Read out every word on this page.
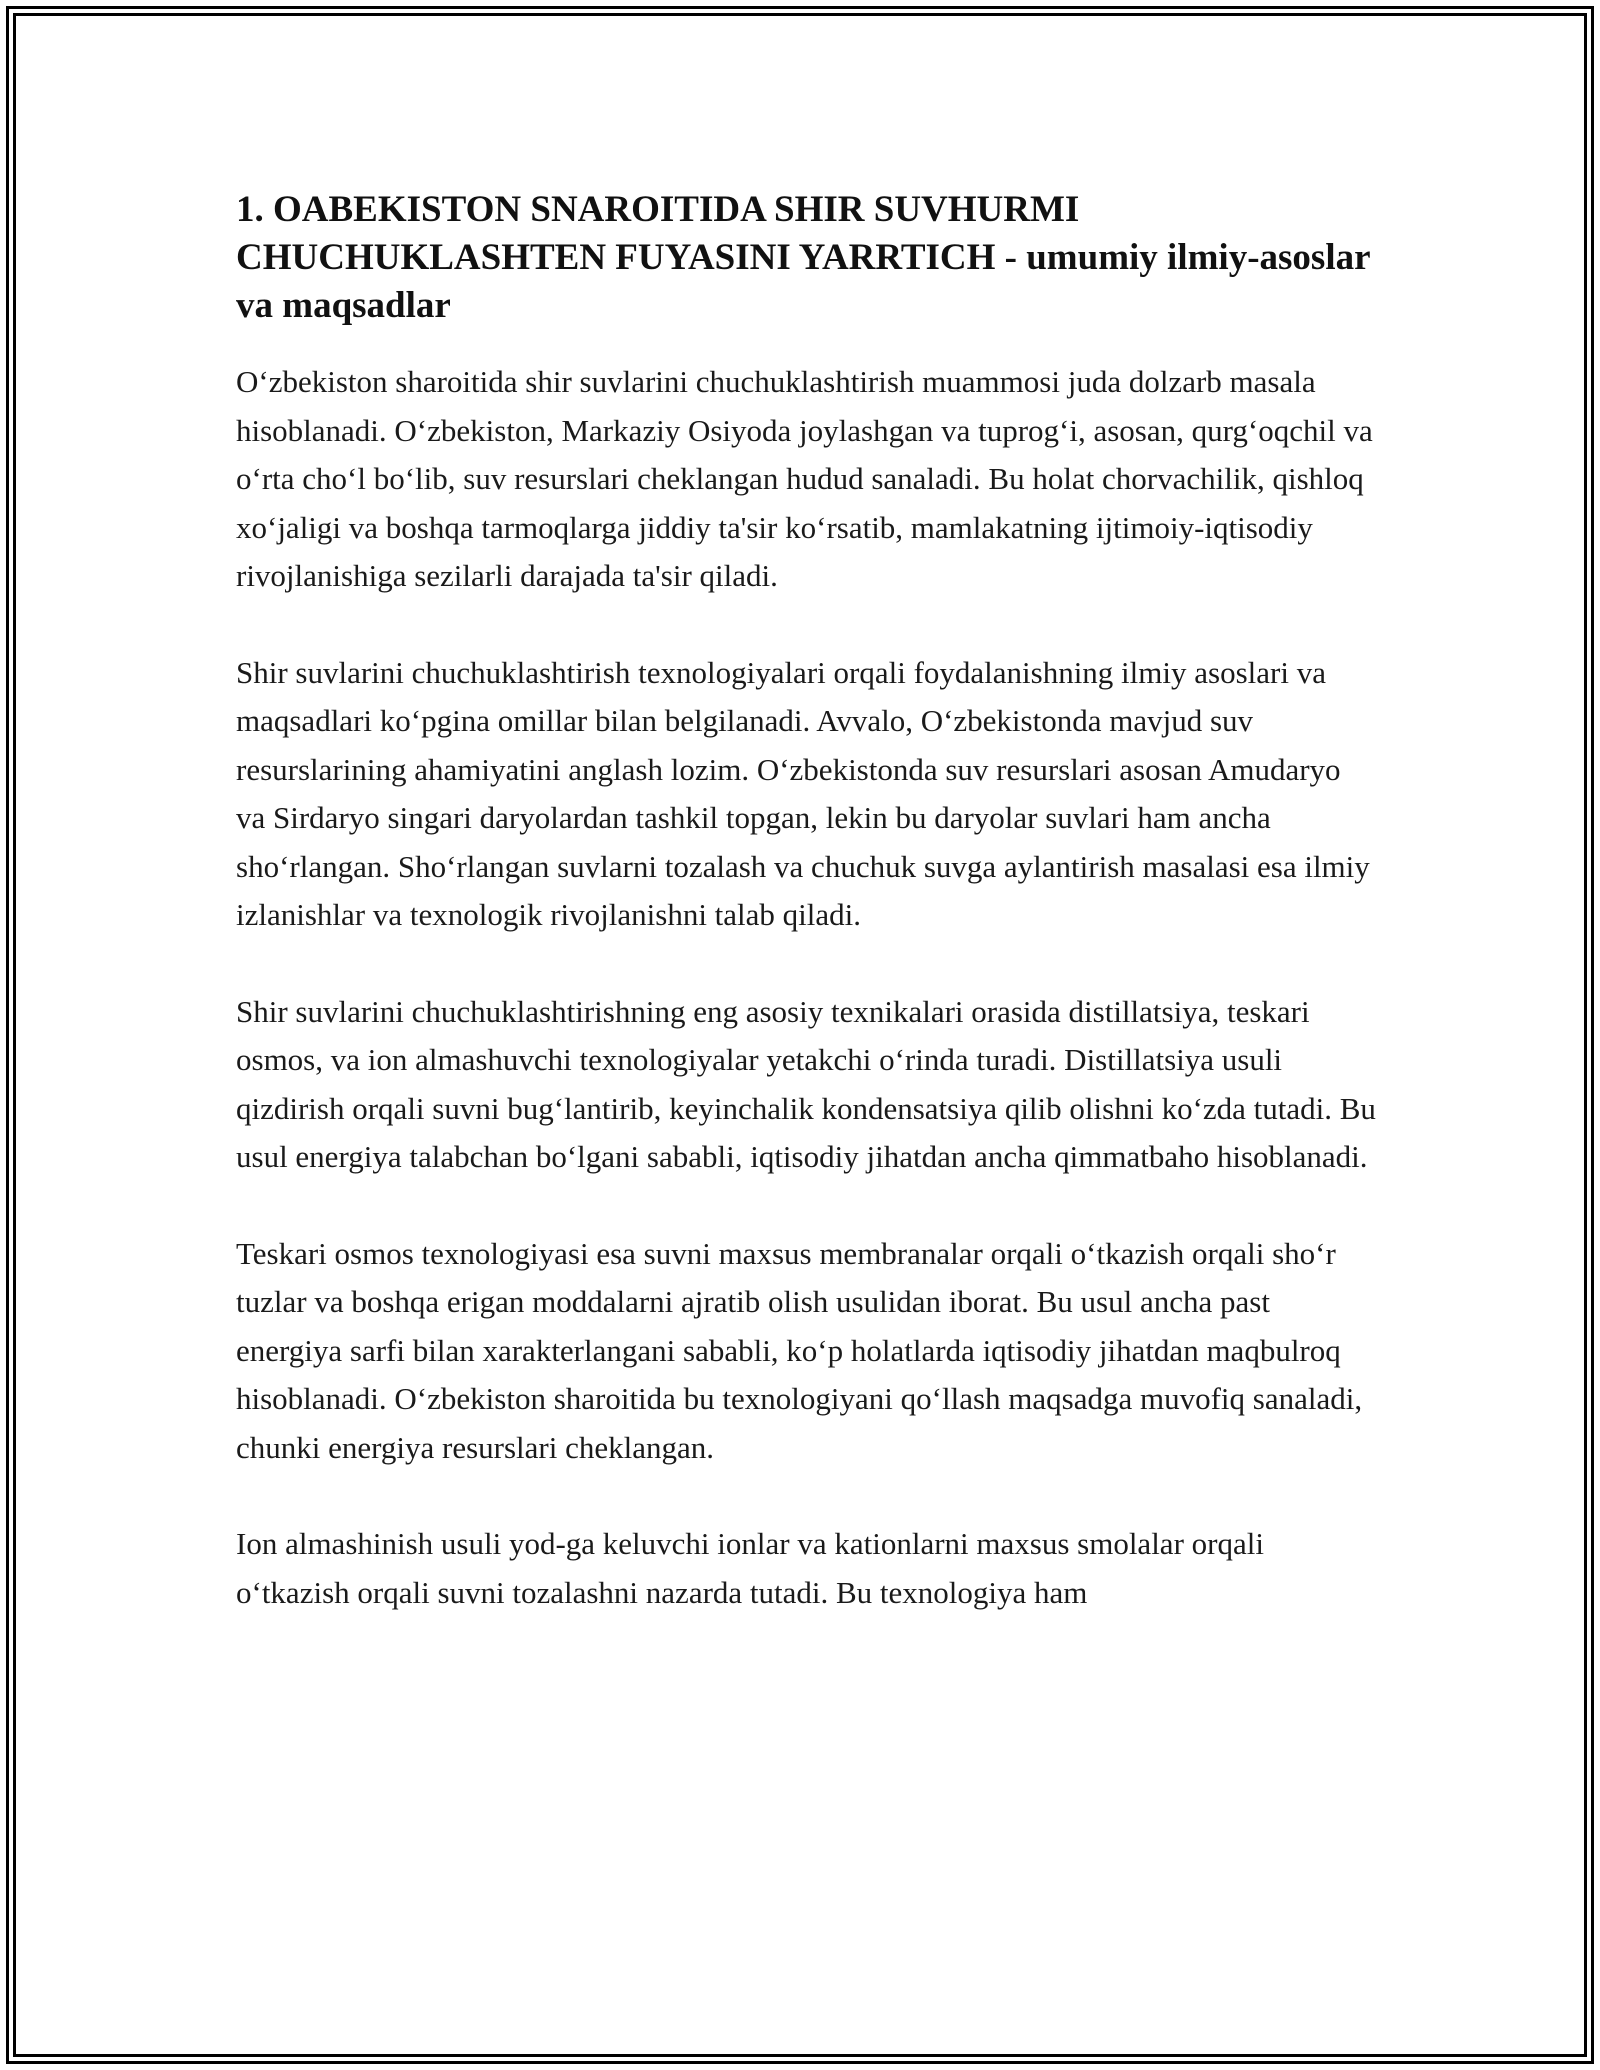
1. OABEKISTON SNAROITIDA SHIR SUVHURMI CHUCHUKLASHTEN FUYASINI YARRTICH - umumiy ilmiy-asoslar va maqsadlar

O‘zbekiston sharoitida shir suvlarini chuchuklashtirish muammosi juda dolzarb masala hisoblanadi. O‘zbekiston, Markaziy Osiyoda joylashgan va tuprog‘i, asosan, qurg‘oqchil va o‘rta cho‘l bo‘lib, suv resurslari cheklangan hudud sanaladi. Bu holat chorvachilik, qishloq xo‘jaligi va boshqa tarmoqlarga jiddiy ta'sir ko‘rsatib, mamlakatning ijtimoiy-iqtisodiy rivojlanishiga sezilarli darajada ta'sir qiladi.

Shir suvlarini chuchuklashtirish texnologiyalari orqali foydalanishning ilmiy asoslari va maqsadlari ko‘pgina omillar bilan belgilanadi. Avvalo, O‘zbekistonda mavjud suv resurslarining ahamiyatini anglash lozim. O‘zbekistonda suv resurslari asosan Amudaryo va Sirdaryo singari daryolardan tashkil topgan, lekin bu daryolar suvlari ham ancha sho‘rlangan. Sho‘rlangan suvlarni tozalash va chuchuk suvga aylantirish masalasi esa ilmiy izlanishlar va texnologik rivojlanishni talab qiladi.

Shir suvlarini chuchuklashtirishning eng asosiy texnikalari orasida distillatsiya, teskari osmos, va ion almashuvchi texnologiyalar yetakchi o‘rinda turadi. Distillatsiya usuli qizdirish orqali suvni bug‘lantirib, keyinchalik kondensatsiya qilib olishni ko‘zda tutadi. Bu usul energiya talabchan bo‘lgani sababli, iqtisodiy jihatdan ancha qimmatbaho hisoblanadi.

Teskari osmos texnologiyasi esa suvni maxsus membranalar orqali o‘tkazish orqali sho‘r tuzlar va boshqa erigan moddalarni ajratib olish usulidan iborat. Bu usul ancha past energiya sarfi bilan xarakterlangani sababli, ko‘p holatlarda iqtisodiy jihatdan maqbulroq hisoblanadi. O‘zbekiston sharoitida bu texnologiyani qo‘llash maqsadga muvofiq sanaladi, chunki energiya resurslari cheklangan.

Ion almashinish usuli yod-ga keluvchi ionlar va kationlarni maxsus smolalar orqali o‘tkazish orqali suvni tozalashni nazarda tutadi. Bu texnologiya ham
